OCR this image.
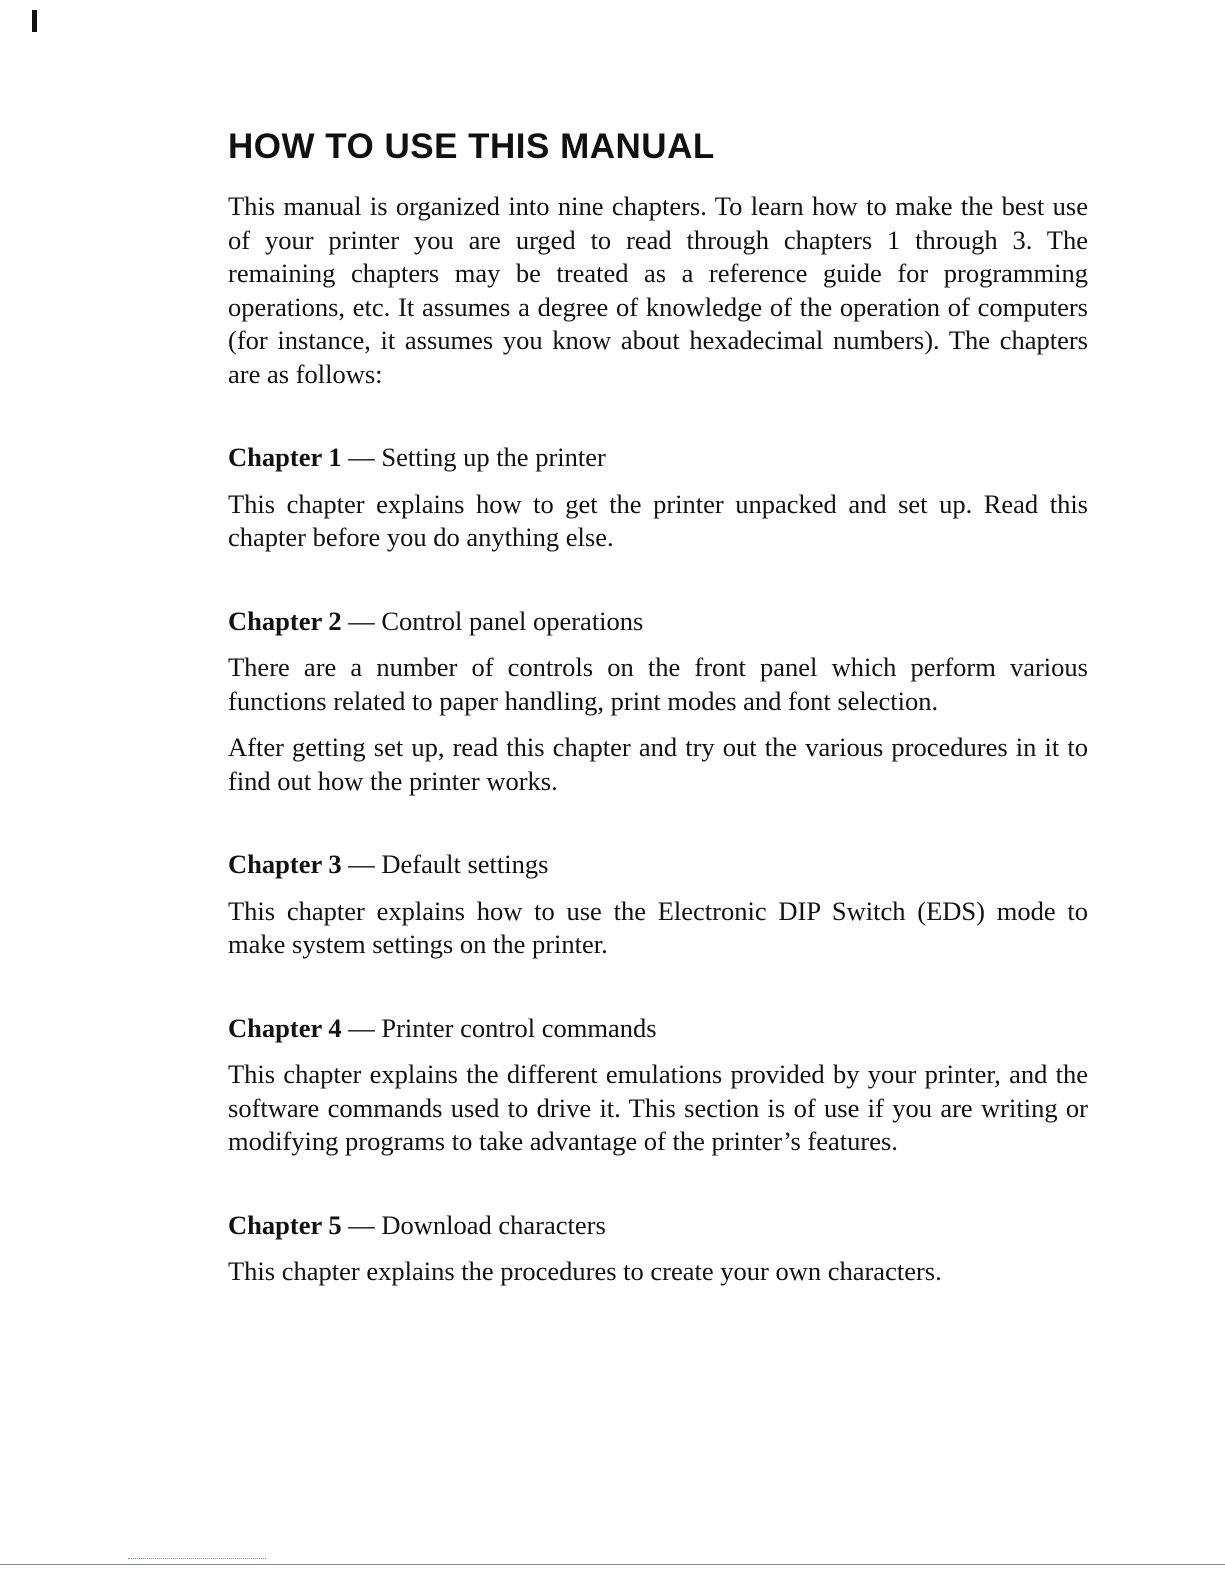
HOW TO USE THIS MANUAL

This manual is organized into nine chapters. To learn how to make the best use of your printer you are urged to read through chapters 1 through 3. The remaining chapters may be treated as a reference guide for programming operations, etc. It assumes a degree of knowledge of the operation of computers (for instance, it assumes you know about hexadecimal numbers). The chapters are as follows:

Chapter 1 — Setting up the printer

This chapter explains how to get the printer unpacked and set up. Read this chapter before you do anything else.

Chapter 2 — Control panel operations

There are a number of controls on the front panel which perform various functions related to paper handling, print modes and font selection.

After getting set up, read this chapter and try out the various procedures in it to find out how the printer works.

Chapter 3 — Default settings

This chapter explains how to use the Electronic DIP Switch (EDS) mode to make system settings on the printer.

Chapter 4 — Printer control commands

This chapter explains the different emulations provided by your printer, and the software commands used to drive it. This section is of use if you are writing or modifying programs to take advantage of the printer’s features.

Chapter 5 — Download characters

This chapter explains the procedures to create your own characters.
